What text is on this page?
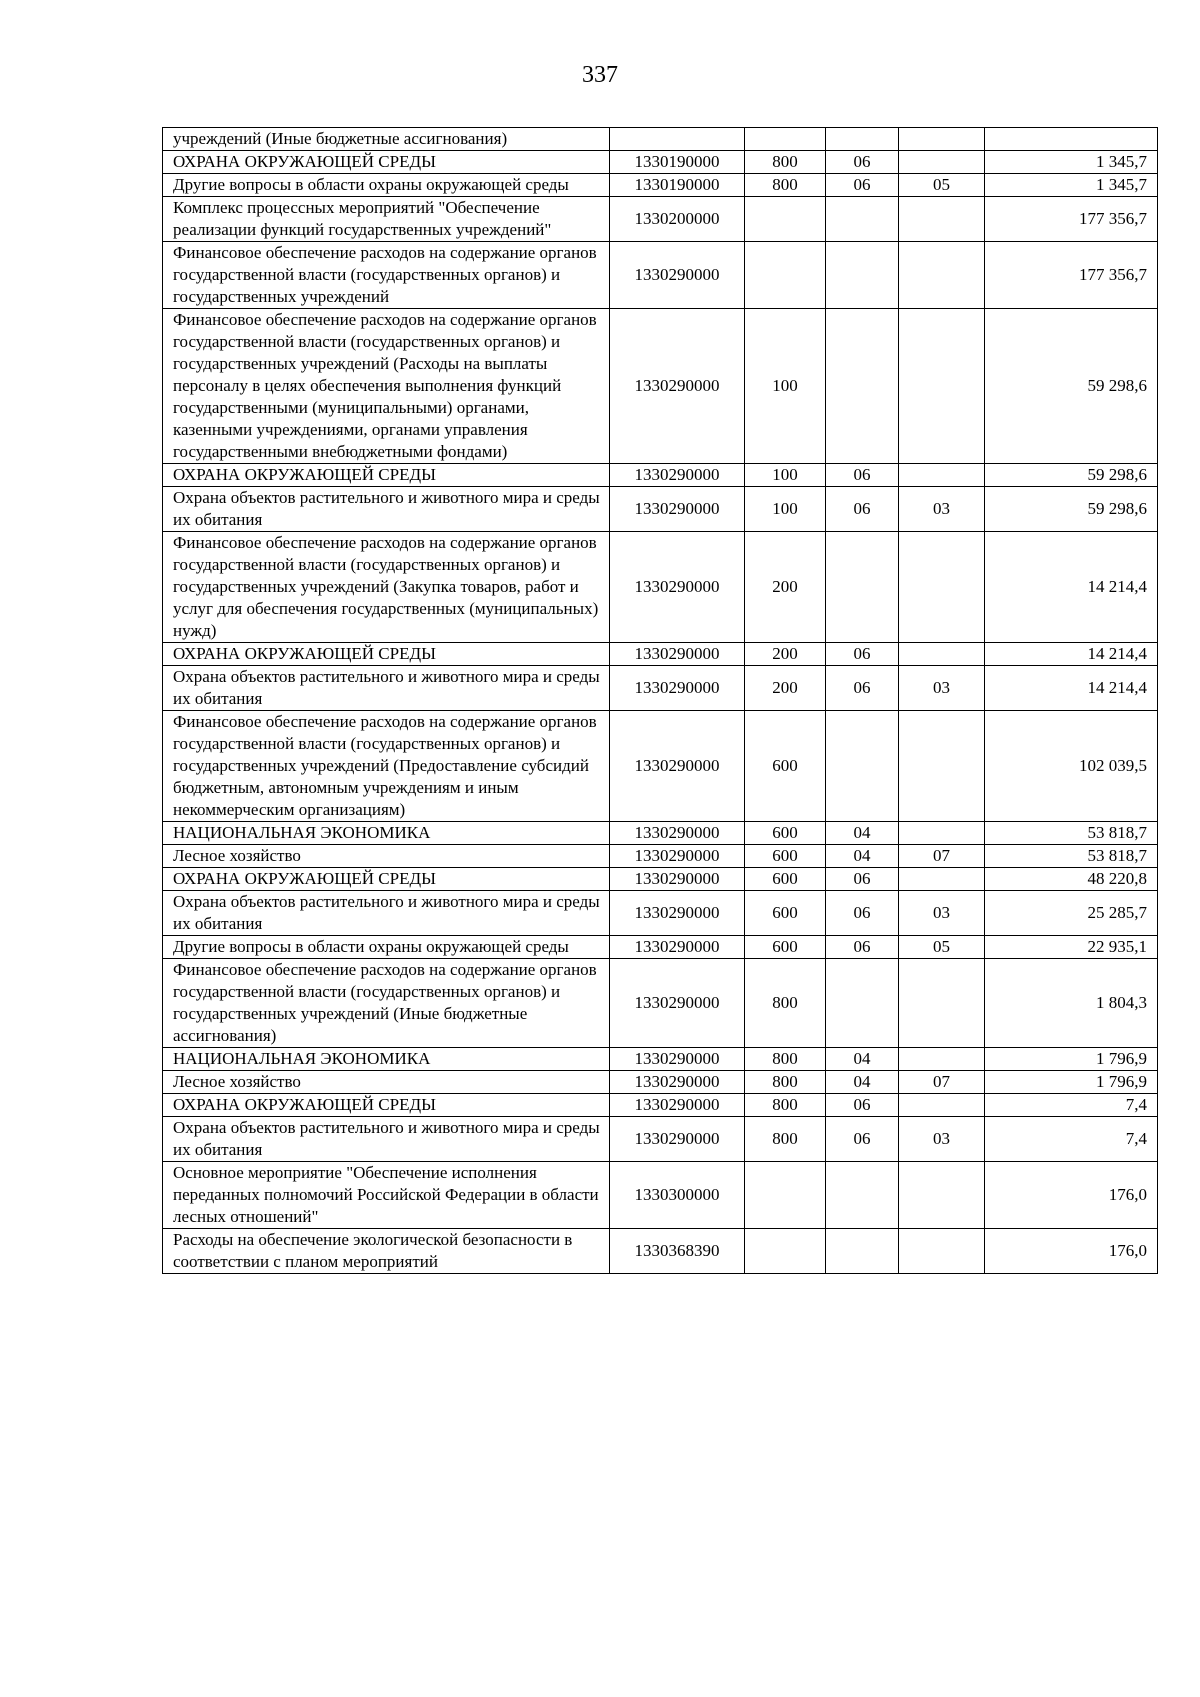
337
учреждений (Иные бюджетные ассигнования)					
ОХРАНА ОКРУЖАЮЩЕЙ СРЕДЫ	1330190000	800	06		1 345,7
Другие вопросы в области охраны окружающей среды	1330190000	800	06	05	1 345,7
Комплекс процессных мероприятий "Обеспечение реализации функций государственных учреждений"	1330200000				177 356,7
Финансовое обеспечение расходов на содержание органов государственной власти (государственных органов) и государственных учреждений	1330290000				177 356,7
Финансовое обеспечение расходов на содержание органов государственной власти (государственных органов) и государственных учреждений (Расходы на выплаты персоналу в целях обеспечения выполнения функций государственными (муниципальными) органами, казенными учреждениями, органами управления государственными внебюджетными фондами)	1330290000	100			59 298,6
ОХРАНА ОКРУЖАЮЩЕЙ СРЕДЫ	1330290000	100	06		59 298,6
Охрана объектов растительного и животного мира и среды их обитания	1330290000	100	06	03	59 298,6
Финансовое обеспечение расходов на содержание органов государственной власти (государственных органов) и государственных учреждений (Закупка товаров, работ и услуг для обеспечения государственных (муниципальных) нужд)	1330290000	200			14 214,4
ОХРАНА ОКРУЖАЮЩЕЙ СРЕДЫ	1330290000	200	06		14 214,4
Охрана объектов растительного и животного мира и среды их обитания	1330290000	200	06	03	14 214,4
Финансовое обеспечение расходов на содержание органов государственной власти (государственных органов) и государственных учреждений (Предоставление субсидий бюджетным, автономным учреждениям и иным некоммерческим организациям)	1330290000	600			102 039,5
НАЦИОНАЛЬНАЯ ЭКОНОМИКА	1330290000	600	04		53 818,7
Лесное хозяйство	1330290000	600	04	07	53 818,7
ОХРАНА ОКРУЖАЮЩЕЙ СРЕДЫ	1330290000	600	06		48 220,8
Охрана объектов растительного и животного мира и среды их обитания	1330290000	600	06	03	25 285,7
Другие вопросы в области охраны окружающей среды	1330290000	600	06	05	22 935,1
Финансовое обеспечение расходов на содержание органов государственной власти (государственных органов) и государственных учреждений (Иные бюджетные ассигнования)	1330290000	800			1 804,3
НАЦИОНАЛЬНАЯ ЭКОНОМИКА	1330290000	800	04		1 796,9
Лесное хозяйство	1330290000	800	04	07	1 796,9
ОХРАНА ОКРУЖАЮЩЕЙ СРЕДЫ	1330290000	800	06		7,4
Охрана объектов растительного и животного мира и среды их обитания	1330290000	800	06	03	7,4
Основное мероприятие "Обеспечение исполнения переданных полномочий Российской Федерации в области лесных отношений"	1330300000				176,0
Расходы на обеспечение экологической безопасности в соответствии с планом мероприятий	1330368390				176,0
